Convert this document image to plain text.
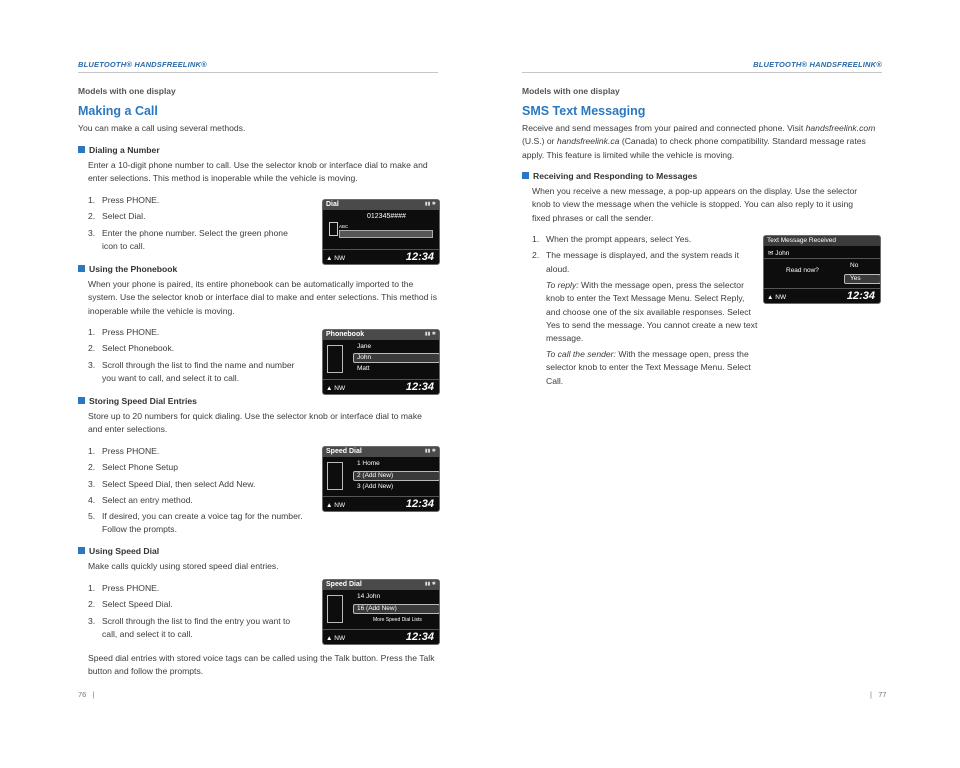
BLUETOOTH® HANDSFREELINK®
Models with one display
Making a Call
You can make a call using several methods.
Dialing a Number
Enter a 10-digit phone number to call. Use the selector knob or interface dial to make and enter selections. This method is inoperable while the vehicle is moving.
1. Press PHONE.
2. Select Dial.
3. Enter the phone number. Select the green phone icon to call.
Using the Phonebook
When your phone is paired, its entire phonebook can be automatically imported to the system. Use the selector knob or interface dial to make and enter selections. This method is inoperable while the vehicle is moving.
1. Press PHONE.
2. Select Phonebook.
3. Scroll through the list to find the name and number you want to call, and select it to call.
Storing Speed Dial Entries
Store up to 20 numbers for quick dialing. Use the selector knob or interface dial to make and enter selections.
1. Press PHONE.
2. Select Phone Setup
3. Select Speed Dial, then select Add New.
4. Select an entry method.
5. If desired, you can create a voice tag for the number. Follow the prompts.
Using Speed Dial
Make calls quickly using stored speed dial entries.
1. Press PHONE.
2. Select Speed Dial.
3. Scroll through the list to find the entry you want to call, and select it to call.
Speed dial entries with stored voice tags can be called using the Talk button. Press the Talk button and follow the prompts.
76   |
Dial	▮▮ ✱
012345####
ABC
▲ NW	12:34
Phonebook	▮▮ ✱
Jane
John
Matt
▲ NW	12:34
Speed Dial	▮▮ ✱
1 Home
2 (Add New)
3 (Add New)
▲ NW	12:34
Speed Dial	▮▮ ✱
14 John
16 (Add New)
More Speed Dial Lists
▲ NW	12:34
BLUETOOTH® HANDSFREELINK®
Models with one display
SMS Text Messaging
Receive and send messages from your paired and connected phone. Visit handsfreelink.com (U.S.) or handsfreelink.ca (Canada) to check phone compatibility. Standard message rates apply. This feature is limited while the vehicle is moving.
Receiving and Responding to Messages
When you receive a new message, a pop-up appears on the display. Use the selector knob to view the message when the vehicle is stopped. You can also reply to it using fixed phrases or call the sender.
1. When the prompt appears, select Yes.
2. The message is displayed, and the system reads it aloud.
To reply: With the message open, press the selector knob to enter the Text Message Menu. Select Reply, and choose one of the six available responses. Select Yes to send the message. You cannot create a new text message.
To call the sender: With the message open, press the selector knob to enter the Text Message Menu. Select Call.
|   77
Text Message Received
✉ John
Read now?
No
Yes
▲ NW	12:34
